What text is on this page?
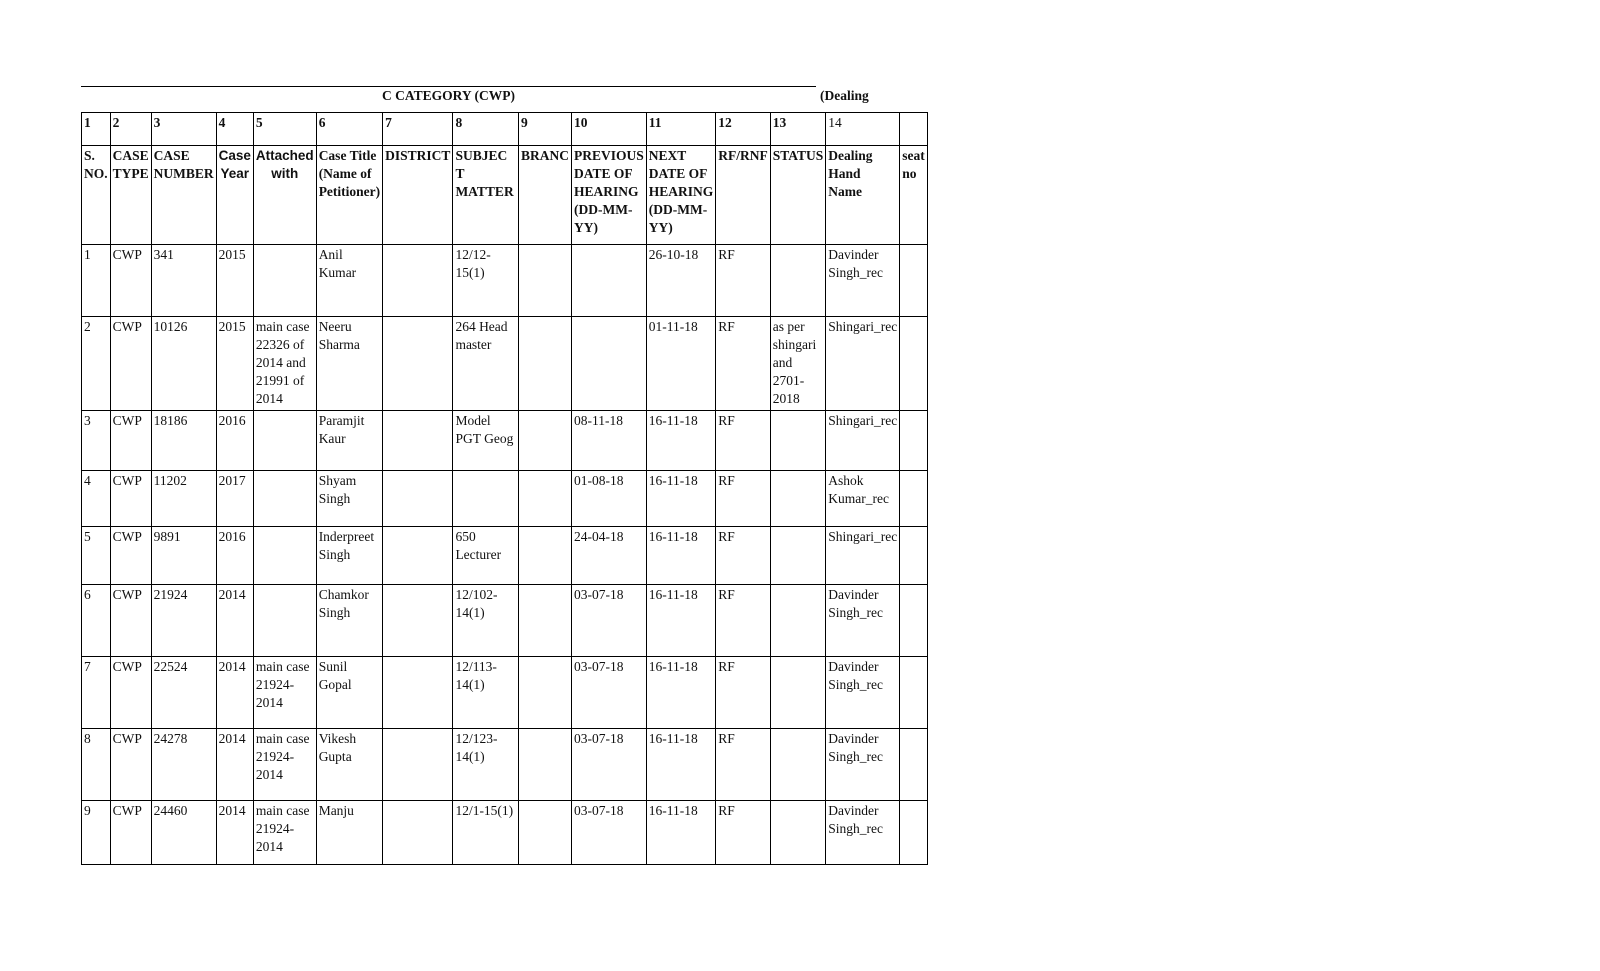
C CATEGORY (CWP)	(Dealing
1	2	3	4	5	6	7	8	9	10	11	12	13	14	
S. NO.	CASE TYPE	CASE NUMBER	Case Year	Attached with	Case Title (Name of Petitioner)	DISTRICT	SUBJECT MATTER	BRANC	PREVIOUS DATE OF HEARING (DD-MM-YY)	NEXT DATE OF HEARING (DD-MM-YY)	RF/RNF	STATUS	Dealing Hand Name	seat no
1	CWP	341	2015		Anil Kumar		12/12-15(1)			26-10-18	RF		Davinder Singh_rec	
2	CWP	10126	2015	main case 22326 of 2014 and 21991 of 2014	Neeru Sharma		264 Head master			01-11-18	RF	as per shingari and 2701-2018	Shingari_rec	
3	CWP	18186	2016		Paramjit Kaur		Model PGT Geog		08-11-18	16-11-18	RF		Shingari_rec	
4	CWP	11202	2017		Shyam Singh				01-08-18	16-11-18	RF		Ashok Kumar_rec	
5	CWP	9891	2016		Inderpreet Singh		650 Lecturer		24-04-18	16-11-18	RF		Shingari_rec	
6	CWP	21924	2014		Chamkor Singh		12/102-14(1)		03-07-18	16-11-18	RF		Davinder Singh_rec	
7	CWP	22524	2014	main case 21924-2014	Sunil Gopal		12/113-14(1)		03-07-18	16-11-18	RF		Davinder Singh_rec	
8	CWP	24278	2014	main case 21924-2014	Vikesh Gupta		12/123-14(1)		03-07-18	16-11-18	RF		Davinder Singh_rec	
9	CWP	24460	2014	main case 21924-2014	Manju		12/1-15(1)		03-07-18	16-11-18	RF		Davinder Singh_rec	
